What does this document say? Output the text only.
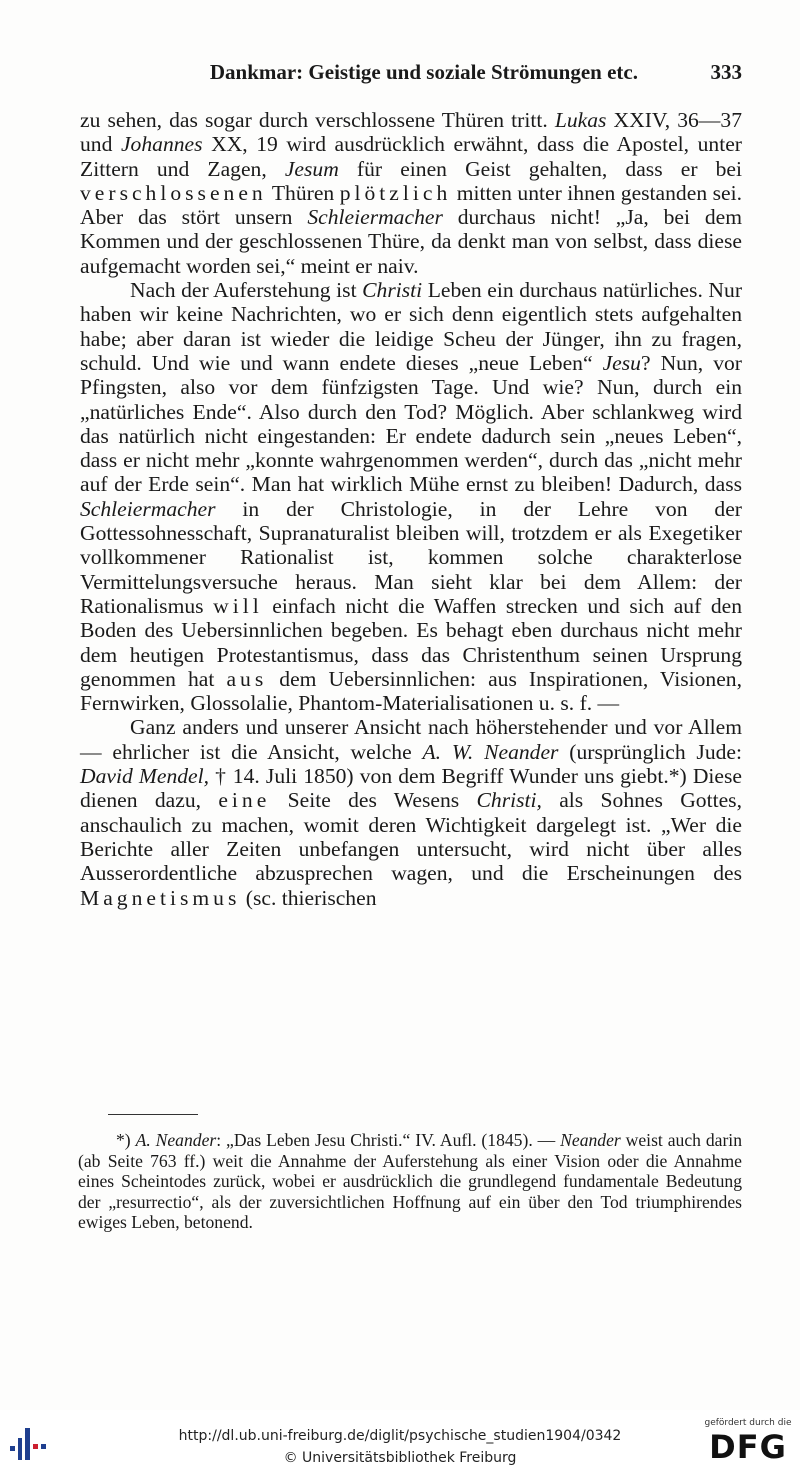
Dankmar: Geistige und soziale Strömungen etc.	333

zu sehen, das sogar durch verschlossene Thüren tritt. Lukas XXIV, 36—37 und Johannes XX, 19 wird ausdrücklich erwähnt, dass die Apostel, unter Zittern und Zagen, Jesum für einen Geist gehalten, dass er bei verschlossenen Thüren plötzlich mitten unter ihnen gestanden sei. Aber das stört unsern Schleiermacher durchaus nicht! „Ja, bei dem Kommen und der geschlossenen Thüre, da denkt man von selbst, dass diese aufgemacht worden sei,“ meint er naiv.

Nach der Auferstehung ist Christi Leben ein durchaus natürliches. Nur haben wir keine Nachrichten, wo er sich denn eigentlich stets aufgehalten habe; aber daran ist wieder die leidige Scheu der Jünger, ihn zu fragen, schuld. Und wie und wann endete dieses „neue Leben“ Jesu? Nun, vor Pfingsten, also vor dem fünfzigsten Tage. Und wie? Nun, durch ein „natürliches Ende“. Also durch den Tod? Möglich. Aber schlankweg wird das natürlich nicht eingestanden: Er endete dadurch sein „neues Leben“, dass er nicht mehr „konnte wahrgenommen werden“, durch das „nicht mehr auf der Erde sein“. Man hat wirklich Mühe ernst zu bleiben! Dadurch, dass Schleiermacher in der Christologie, in der Lehre von der Gottessohnesschaft, Supranaturalist bleiben will, trotzdem er als Exegetiker vollkommener Rationalist ist, kommen solche charakterlose Vermittelungsversuche heraus. Man sieht klar bei dem Allem: der Rationalismus will einfach nicht die Waffen strecken und sich auf den Boden des Uebersinnlichen begeben. Es behagt eben durchaus nicht mehr dem heutigen Protestantismus, dass das Christenthum seinen Ursprung genommen hat aus dem Uebersinnlichen: aus Inspirationen, Visionen, Fernwirken, Glossolalie, Phantom-Materialisationen u. s. f. —

Ganz anders und unserer Ansicht nach höherstehender und vor Allem — ehrlicher ist die Ansicht, welche A. W. Neander (ursprünglich Jude: David Mendel, † 14. Juli 1850) von dem Begriff Wunder uns giebt.*) Diese dienen dazu, eine Seite des Wesens Christi, als Sohnes Gottes, anschaulich zu machen, womit deren Wichtigkeit dargelegt ist. „Wer die Berichte aller Zeiten unbefangen untersucht, wird nicht über alles Ausserordentliche abzusprechen wagen, und die Erscheinungen des Magnetismus (sc. thierischen

*) A. Neander: „Das Leben Jesu Christi.“ IV. Aufl. (1845). — Neander weist auch darin (ab Seite 763 ff.) weit die Annahme der Auferstehung als einer Vision oder die Annahme eines Scheintodes zurück, wobei er ausdrücklich die grundlegend fundamentale Bedeutung der „resurrectio“, als der zuversichtlichen Hoffnung auf ein über den Tod triumphirendes ewiges Leben, betonend.

http://dl.ub.uni-freiburg.de/diglit/psychische_studien1904/0342
© Universitätsbibliothek Freiburg
gefördert durch die
DFG
